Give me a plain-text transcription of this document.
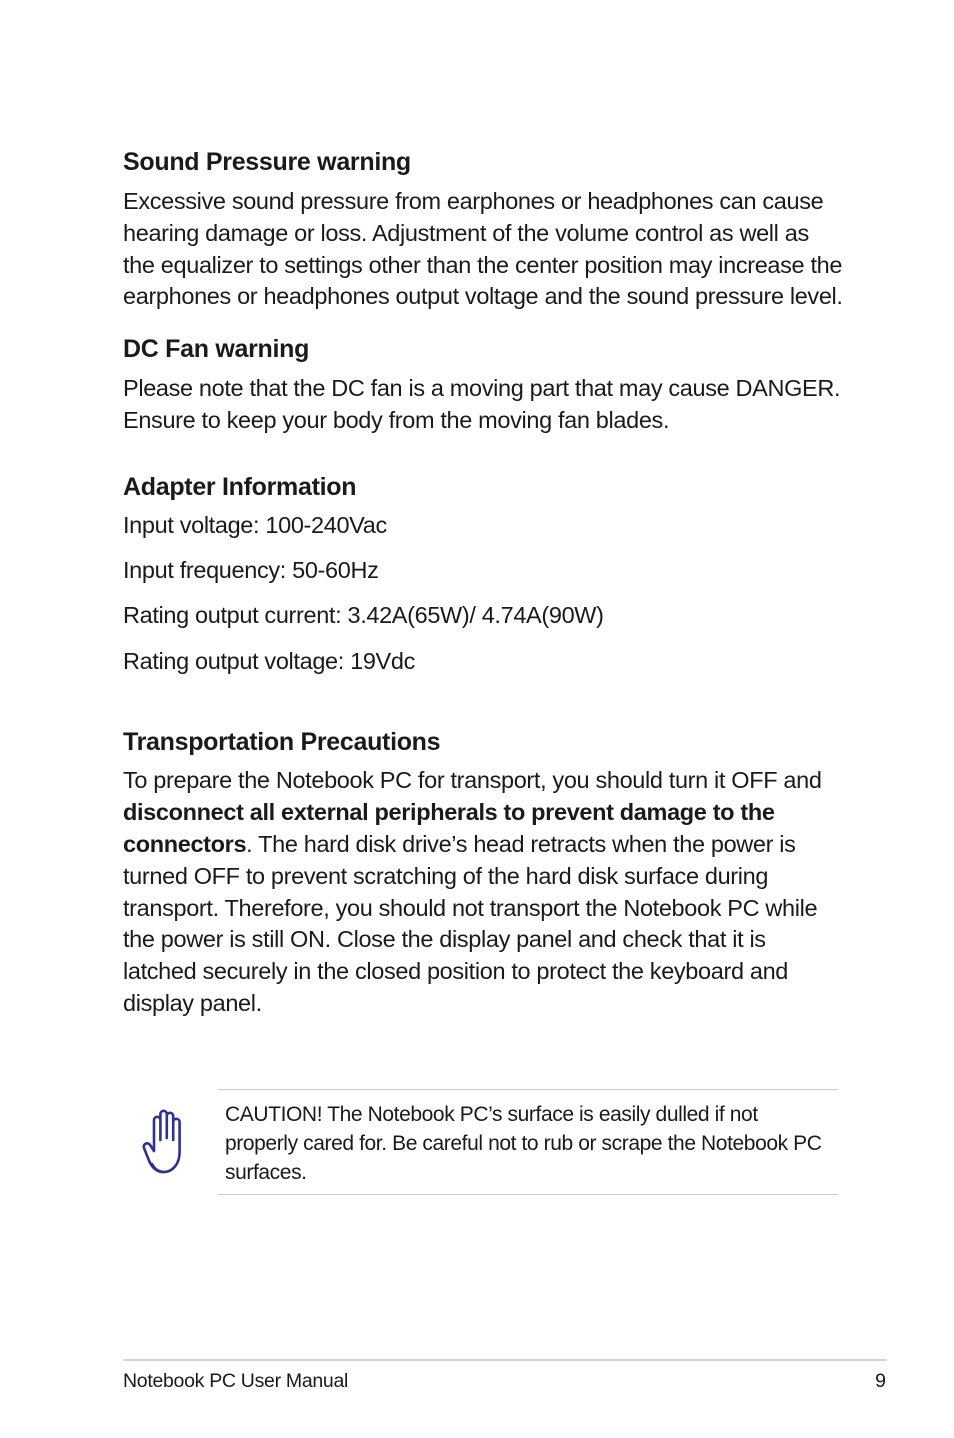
Sound Pressure warning

Excessive sound pressure from earphones or headphones can cause hearing damage or loss. Adjustment of the volume control as well as the equalizer to settings other than the center position may increase the earphones or headphones output voltage and the sound pressure level.

DC Fan warning

Please note that the DC fan is a moving part that may cause DANGER. Ensure to keep your body from the moving fan blades.

Adapter Information

Input voltage: 100-240Vac

Input frequency: 50-60Hz

Rating output current: 3.42A(65W)/ 4.74A(90W)

Rating output voltage: 19Vdc

Transportation Precautions

To prepare the Notebook PC for transport, you should turn it OFF and disconnect all external peripherals to prevent damage to the connectors. The hard disk drive’s head retracts when the power is turned OFF to prevent scratching of the hard disk surface during transport. Therefore, you should not transport the Notebook PC while the power is still ON. Close the display panel and check that it is latched securely in the closed position to protect the keyboard and display panel.

CAUTION! The Notebook PC’s surface is easily dulled if not properly cared for. Be careful not to rub or scrape the Notebook PC surfaces.

Notebook PC User Manual	9
